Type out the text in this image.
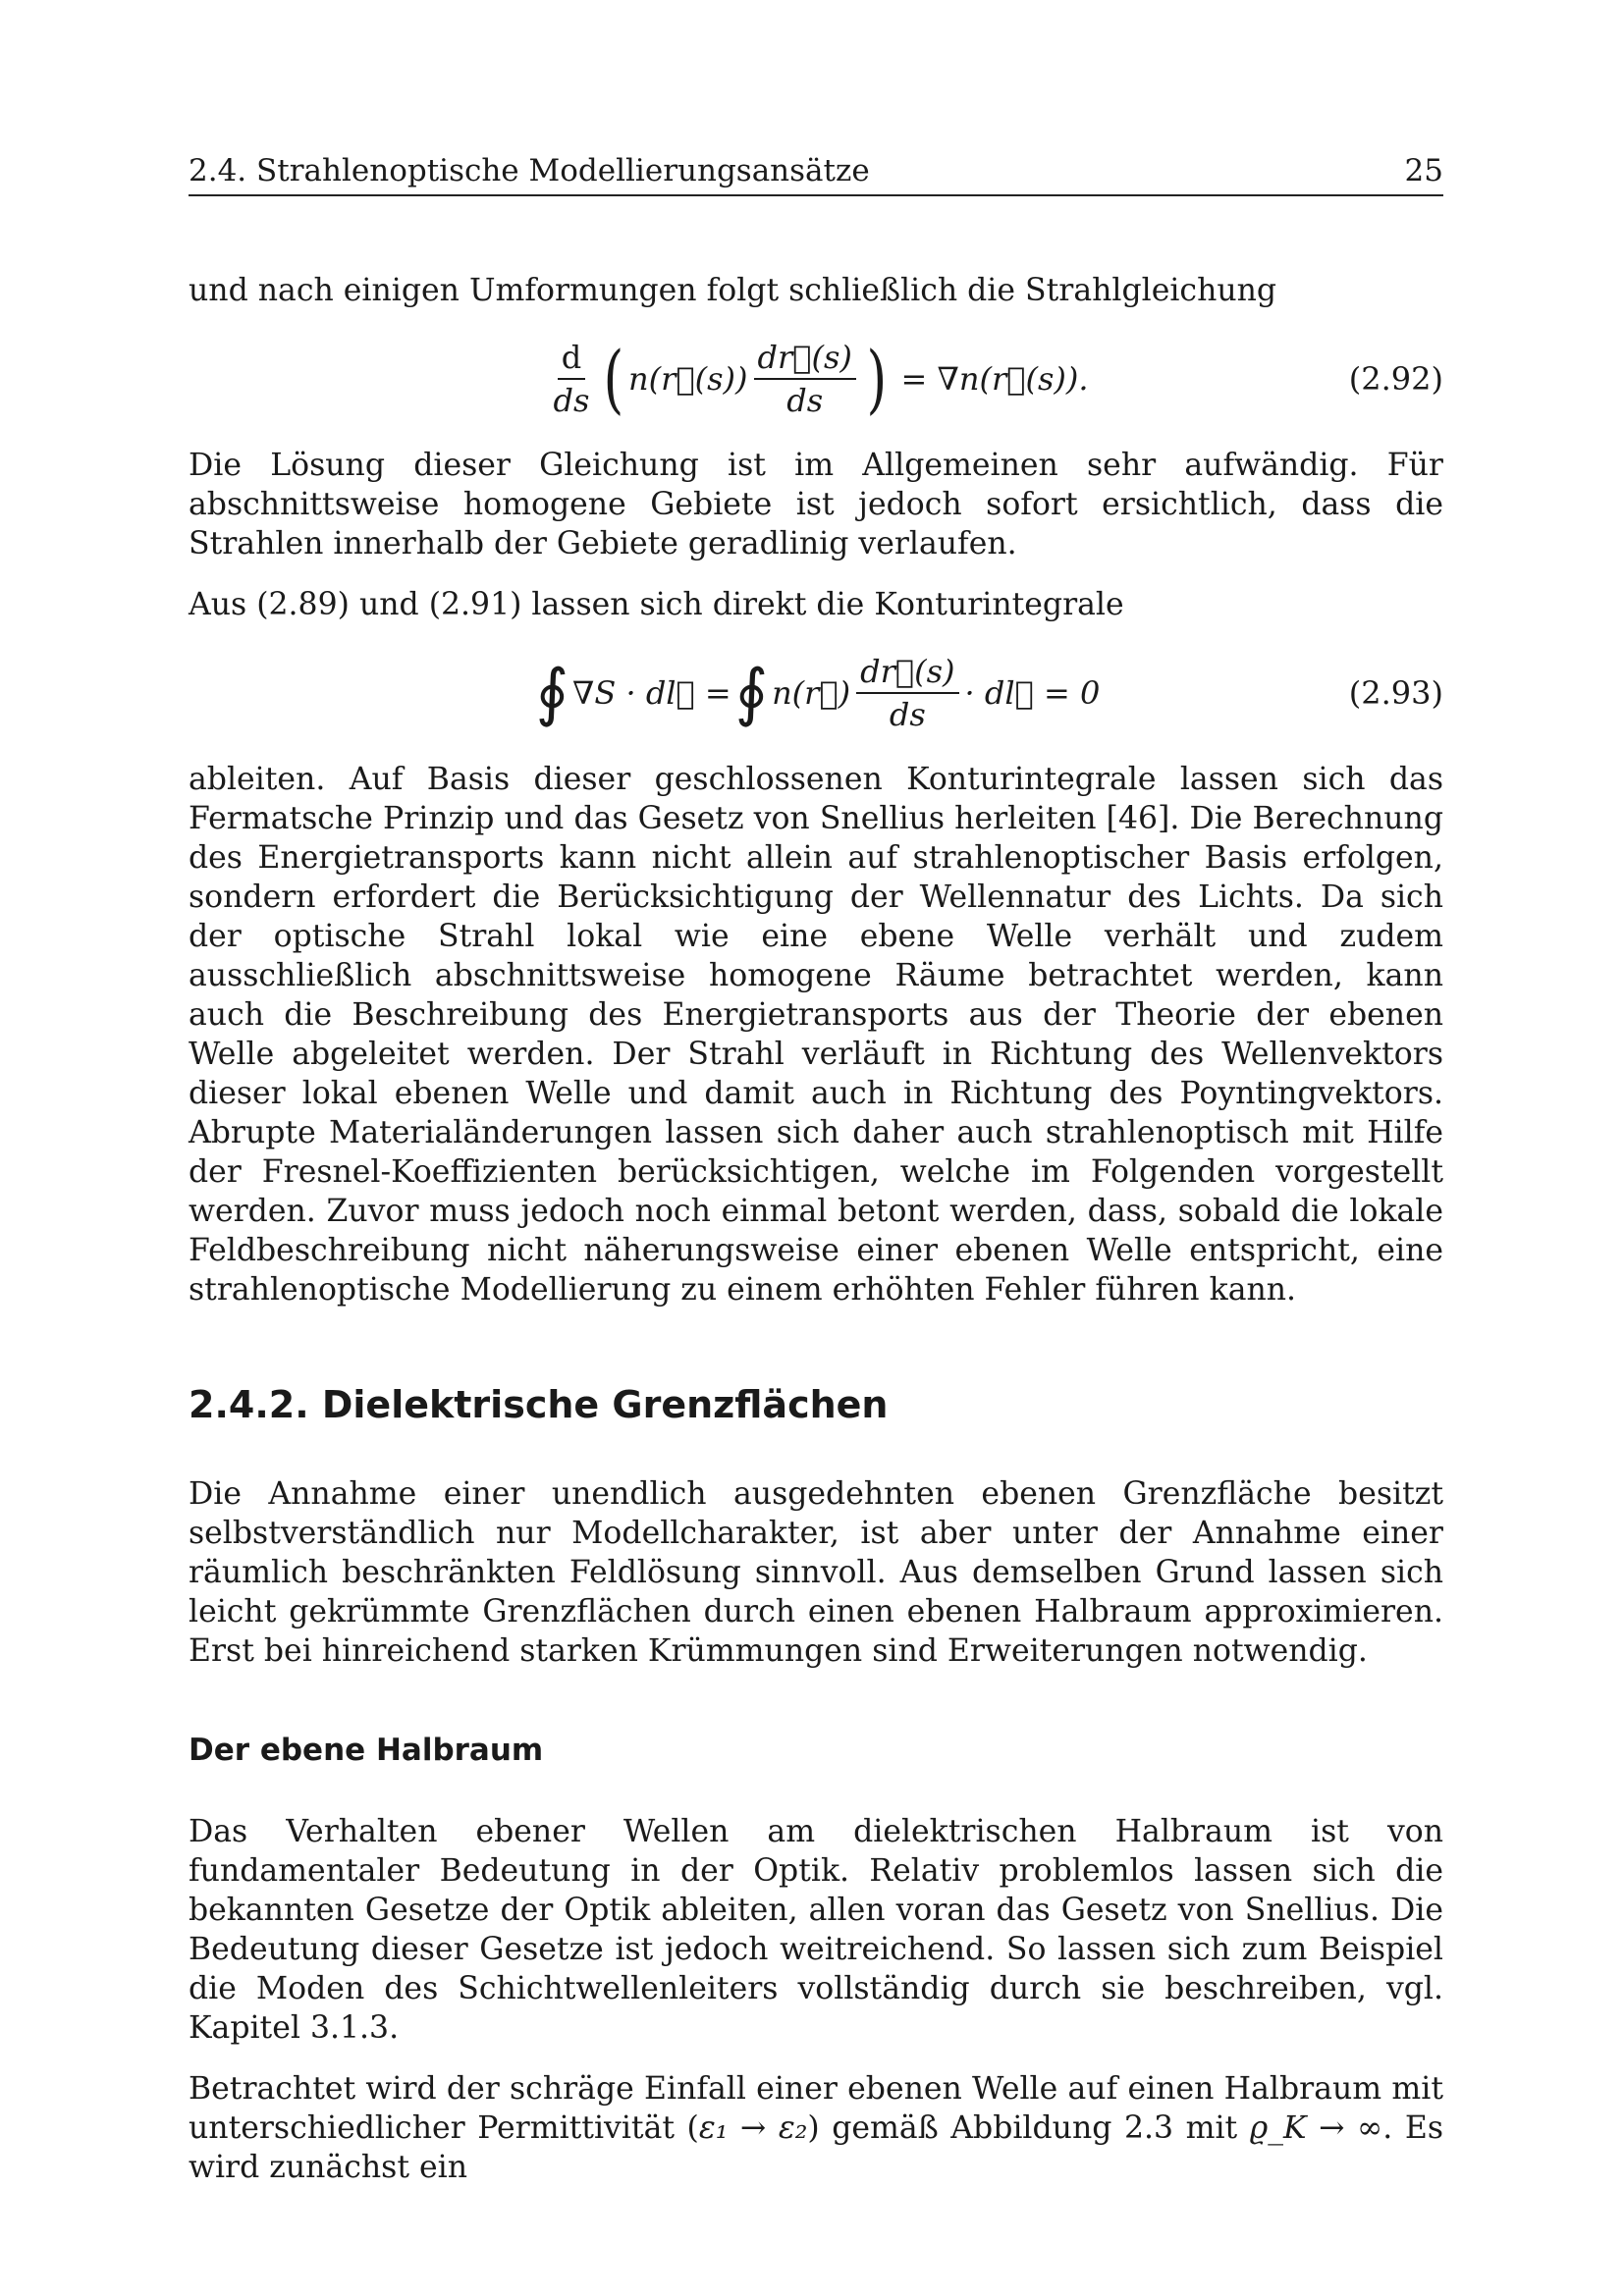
2.4. Strahlenoptische Modellierungsansätze	25

und nach einigen Umformungen folgt schließlich die Strahlgleichung

$\frac{d}{ds}$ ( n(r⃗(s)) $\frac{dr⃗(s)}{ds}$ ) = ∇n(r⃗(s)).	(2.92)

Die Lösung dieser Gleichung ist im Allgemeinen sehr aufwändig. Für abschnittsweise homogene Gebiete ist jedoch sofort ersichtlich, dass die Strahlen innerhalb der Gebiete geradlinig verlaufen.

Aus (2.89) und (2.91) lassen sich direkt die Konturintegrale

∮ ∇S · dl⃗ = ∮ n(r⃗) $\frac{dr⃗(s)}{ds}$ · dl⃗ = 0	(2.93)

ableiten. Auf Basis dieser geschlossenen Konturintegrale lassen sich das Fermatsche Prinzip und das Gesetz von Snellius herleiten [46]. Die Berechnung des Energietransports kann nicht allein auf strahlenoptischer Basis erfolgen, sondern erfordert die Berücksichtigung der Wellennatur des Lichts. Da sich der optische Strahl lokal wie eine ebene Welle verhält und zudem ausschließlich abschnittsweise homogene Räume betrachtet werden, kann auch die Beschreibung des Energietransports aus der Theorie der ebenen Welle abgeleitet werden. Der Strahl verläuft in Richtung des Wellenvektors dieser lokal ebenen Welle und damit auch in Richtung des Poyntingvektors. Abrupte Materialänderungen lassen sich daher auch strahlenoptisch mit Hilfe der Fresnel-Koeffizienten berücksichtigen, welche im Folgenden vorgestellt werden. Zuvor muss jedoch noch einmal betont werden, dass, sobald die lokale Feldbeschreibung nicht näherungsweise einer ebenen Welle entspricht, eine strahlenoptische Modellierung zu einem erhöhten Fehler führen kann.

2.4.2. Dielektrische Grenzflächen

Die Annahme einer unendlich ausgedehnten ebenen Grenzfläche besitzt selbstverständlich nur Modellcharakter, ist aber unter der Annahme einer räumlich beschränkten Feldlösung sinnvoll. Aus demselben Grund lassen sich leicht gekrümmte Grenzflächen durch einen ebenen Halbraum approximieren. Erst bei hinreichend starken Krümmungen sind Erweiterungen notwendig.

Der ebene Halbraum

Das Verhalten ebener Wellen am dielektrischen Halbraum ist von fundamentaler Bedeutung in der Optik. Relativ problemlos lassen sich die bekannten Gesetze der Optik ableiten, allen voran das Gesetz von Snellius. Die Bedeutung dieser Gesetze ist jedoch weitreichend. So lassen sich zum Beispiel die Moden des Schichtwellenleiters vollständig durch sie beschreiben, vgl. Kapitel 3.1.3.

Betrachtet wird der schräge Einfall einer ebenen Welle auf einen Halbraum mit unterschiedlicher Permittivität (ε₁ → ε₂) gemäß Abbildung 2.3 mit ϱ_K → ∞. Es wird zunächst ein
